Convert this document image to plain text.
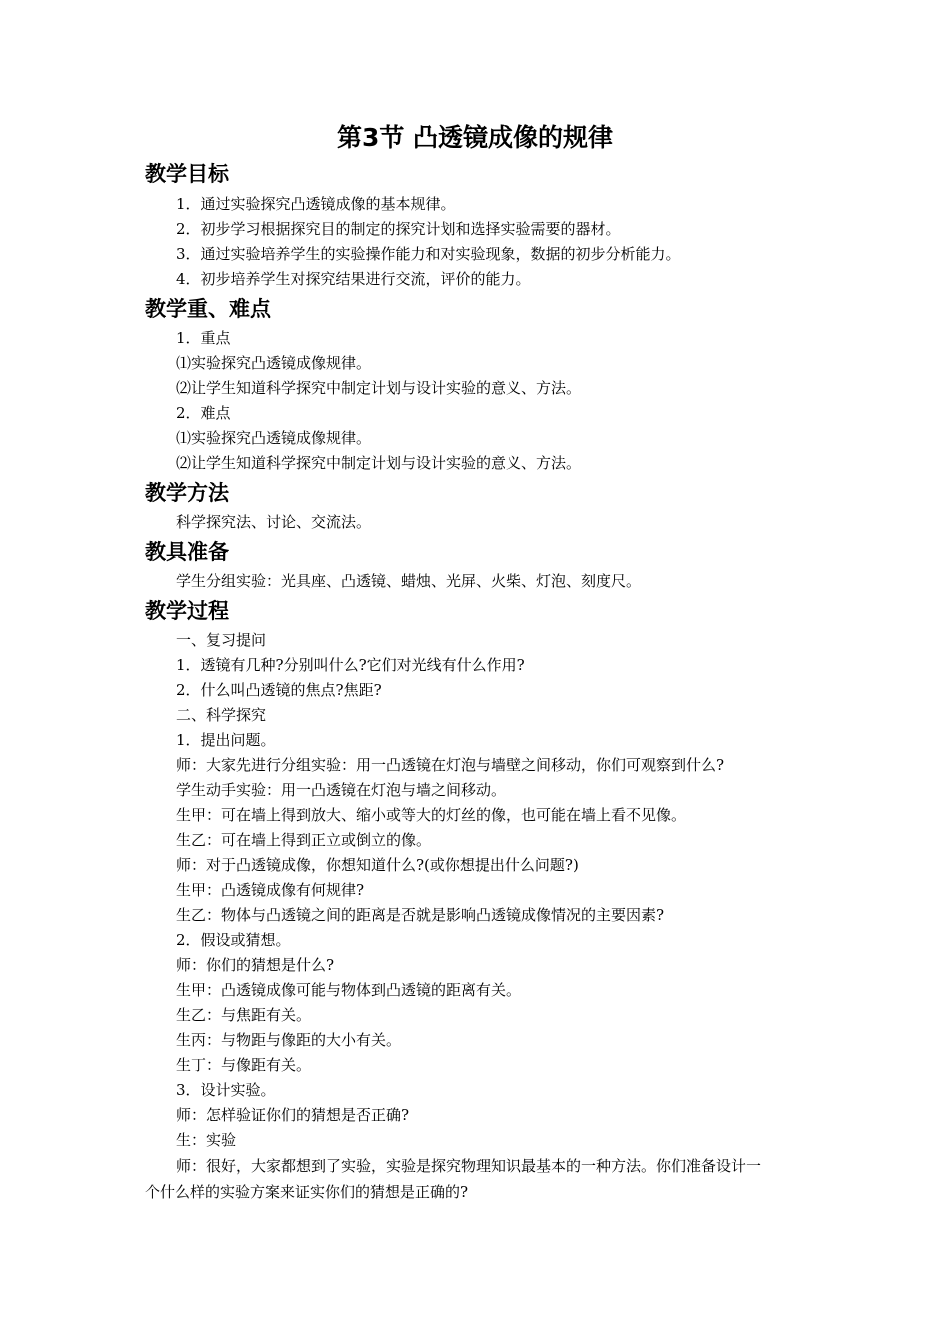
第3节 凸透镜成像的规律
教学目标
1．通过实验探究凸透镜成像的基本规律。
2．初步学习根据探究目的制定的探究计划和选择实验需要的器材。
3．通过实验培养学生的实验操作能力和对实验现象，数据的初步分析能力。
4．初步培养学生对探究结果进行交流，评价的能力。
教学重、难点
1．重点
⑴实验探究凸透镜成像规律。
⑵让学生知道科学探究中制定计划与设计实验的意义、方法。
2．难点
⑴实验探究凸透镜成像规律。
⑵让学生知道科学探究中制定计划与设计实验的意义、方法。
教学方法
科学探究法、讨论、交流法。
教具准备
学生分组实验：光具座、凸透镜、蜡烛、光屏、火柴、灯泡、刻度尺。
教学过程
一、复习提问
1．透镜有几种?分别叫什么?它们对光线有什么作用?
2．什么叫凸透镜的焦点?焦距?
二、科学探究
1．提出问题。
师：大家先进行分组实验：用一凸透镜在灯泡与墙壁之间移动，你们可观察到什么?
学生动手实验：用一凸透镜在灯泡与墙之间移动。
生甲：可在墙上得到放大、缩小或等大的灯丝的像，也可能在墙上看不见像。
生乙：可在墙上得到正立或倒立的像。
师：对于凸透镜成像，你想知道什么?(或你想提出什么问题?)
生甲：凸透镜成像有何规律?
生乙：物体与凸透镜之间的距离是否就是影响凸透镜成像情况的主要因素?
2．假设或猜想。
师：你们的猜想是什么?
生甲：凸透镜成像可能与物体到凸透镜的距离有关。
生乙：与焦距有关。
生丙：与物距与像距的大小有关。
生丁：与像距有关。
3．设计实验。
师：怎样验证你们的猜想是否正确?
生：实验
师：很好，大家都想到了实验，实验是探究物理知识最基本的一种方法。你们准备设计一
个什么样的实验方案来证实你们的猜想是正确的?
